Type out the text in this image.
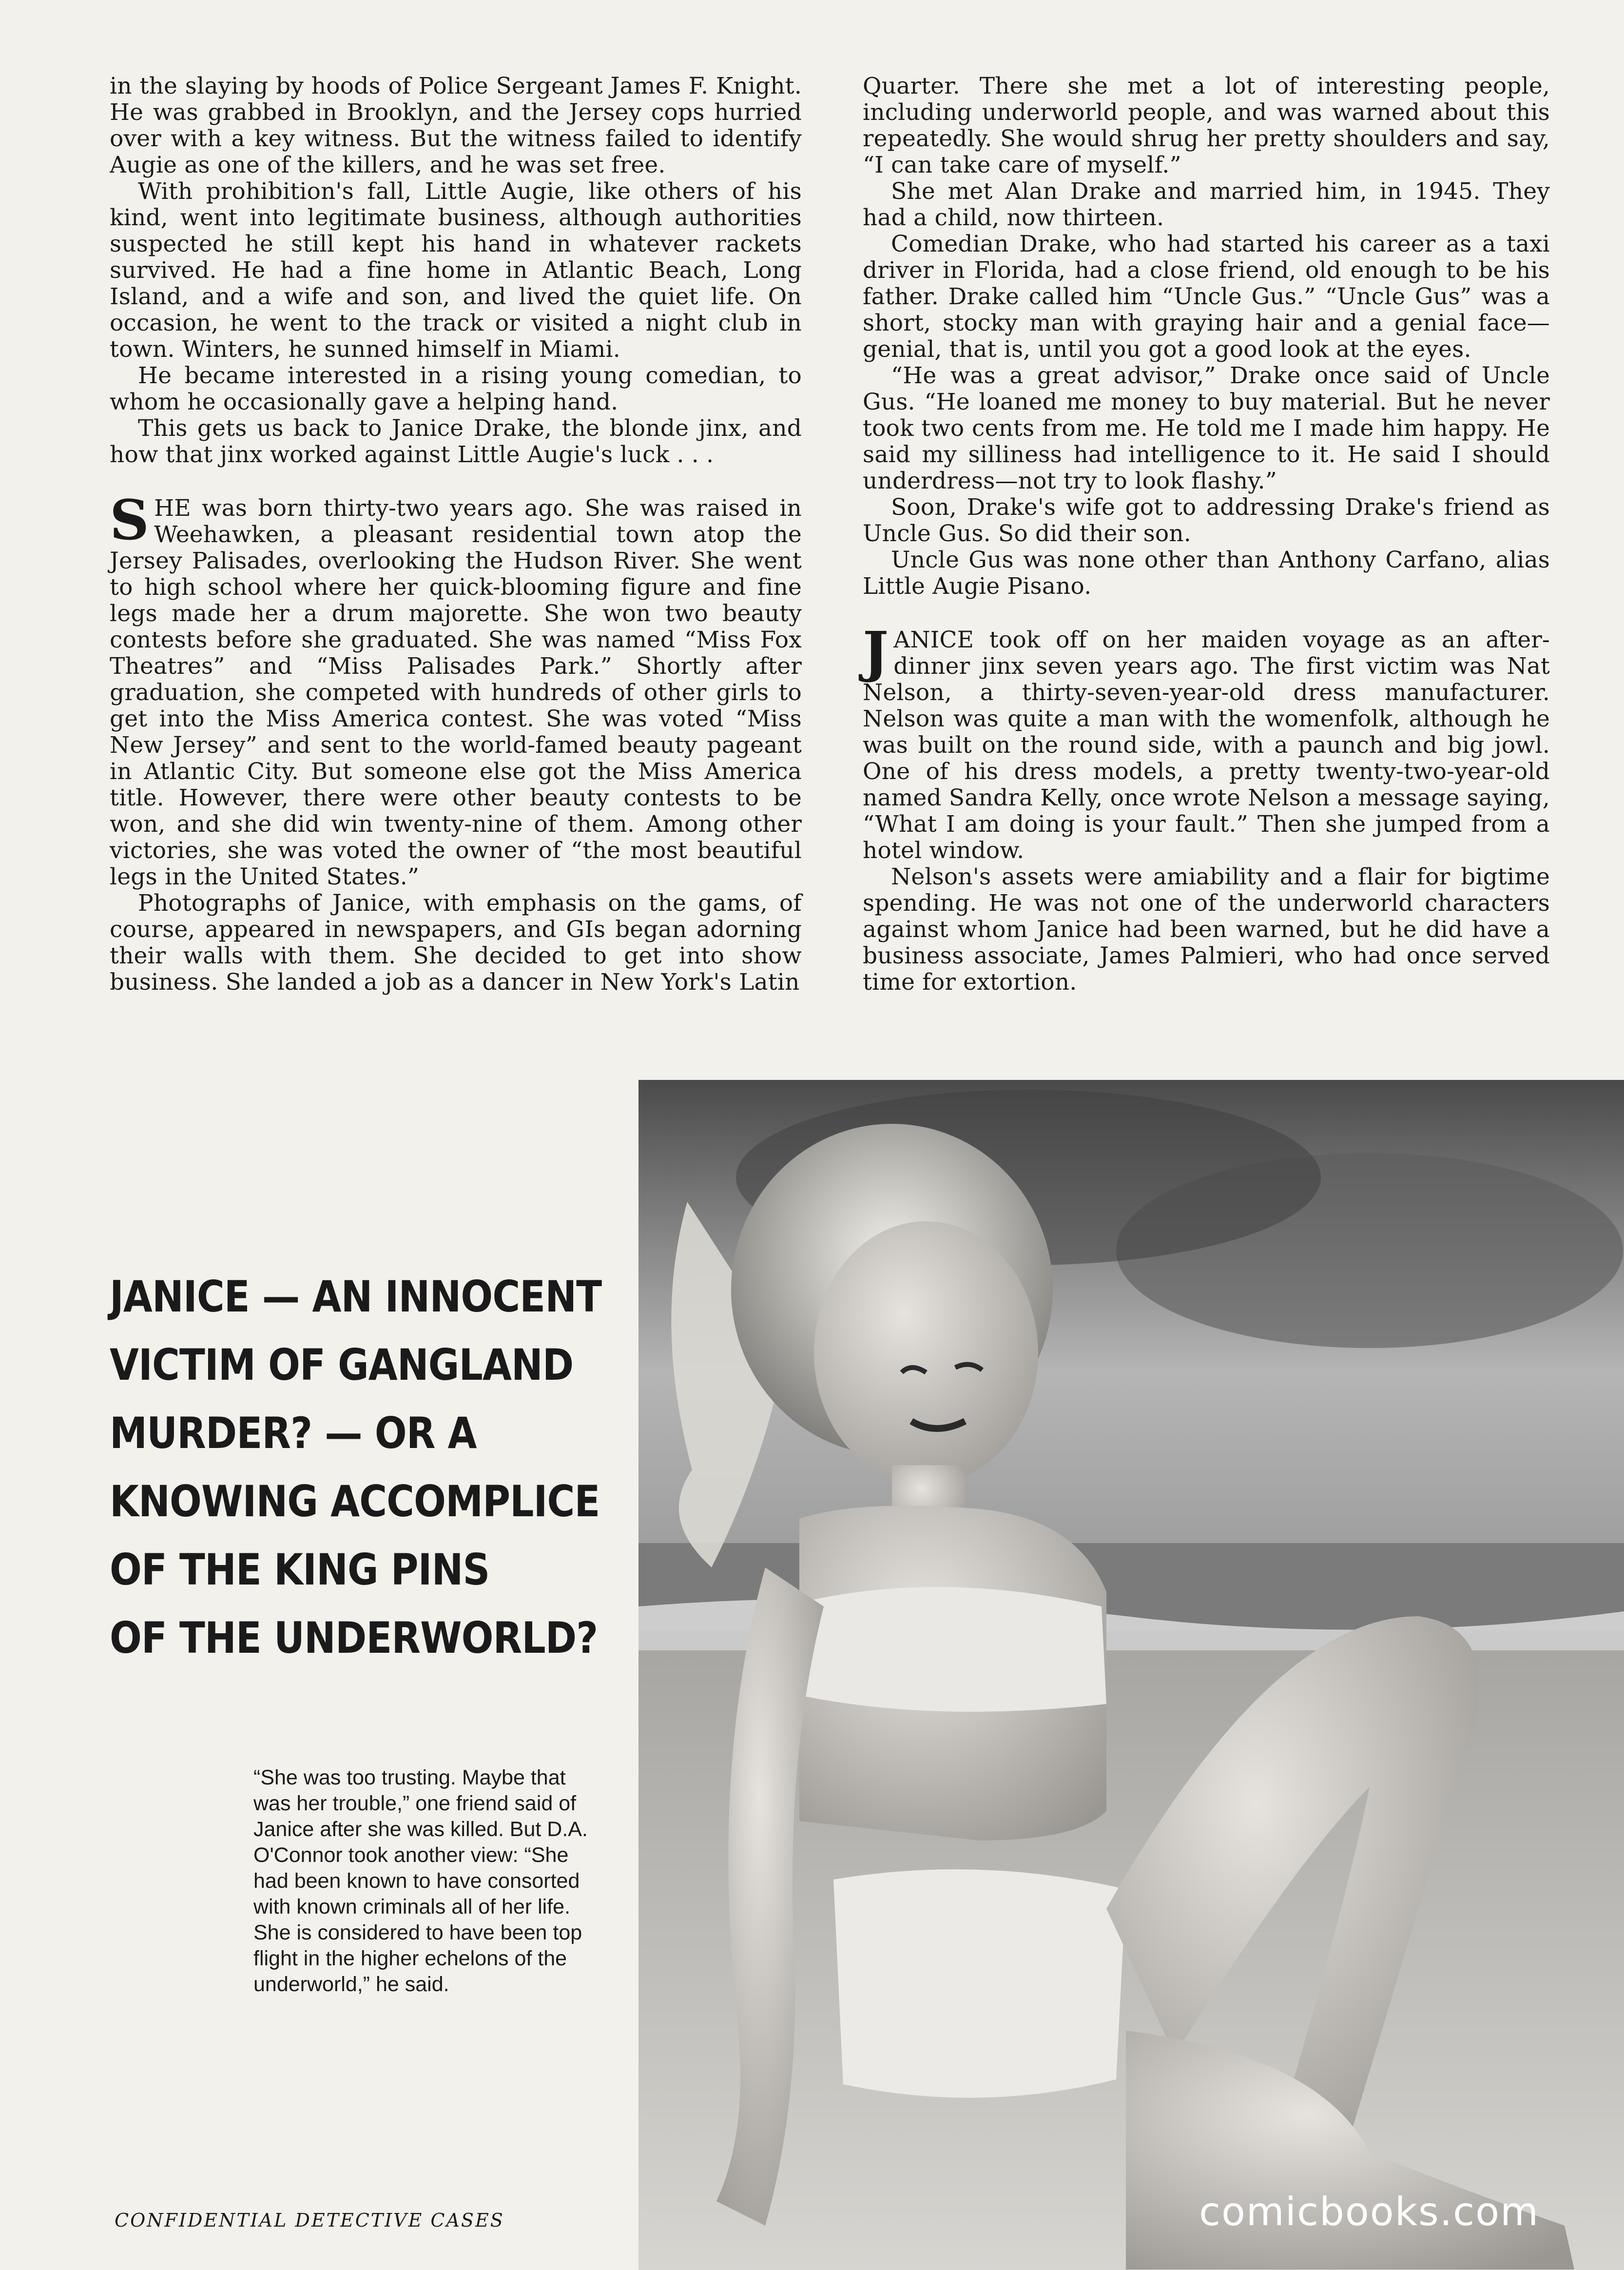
in the slaying by hoods of Police Sergeant James F. Knight. He was grabbed in Brooklyn, and the Jersey cops hurried over with a key witness. But the witness failed to identify Augie as one of the killers, and he was set free.

With prohibition's fall, Little Augie, like others of his kind, went into legitimate business, although authorities suspected he still kept his hand in whatever rackets survived. He had a fine home in Atlantic Beach, Long Island, and a wife and son, and lived the quiet life. On occasion, he went to the track or visited a night club in town. Winters, he sunned himself in Miami.

He became interested in a rising young comedian, to whom he occasionally gave a helping hand.

This gets us back to Janice Drake, the blonde jinx, and how that jinx worked against Little Augie's luck . . .

SHE was born thirty-two years ago. She was raised in Weehawken, a pleasant residential town atop the Jersey Palisades, overlooking the Hudson River. She went to high school where her quick-blooming figure and fine legs made her a drum majorette. She won two beauty contests before she graduated. She was named “Miss Fox Theatres” and “Miss Palisades Park.” Shortly after graduation, she competed with hundreds of other girls to get into the Miss America contest. She was voted “Miss New Jersey” and sent to the world-famed beauty pageant in Atlantic City. But someone else got the Miss America title. However, there were other beauty contests to be won, and she did win twenty-nine of them. Among other victories, she was voted the owner of “the most beautiful legs in the United States.”

Photographs of Janice, with emphasis on the gams, of course, appeared in newspapers, and GIs began adorning their walls with them. She decided to get into show business. She landed a job as a dancer in New York's Latin

Quarter. There she met a lot of interesting people, including underworld people, and was warned about this repeatedly. She would shrug her pretty shoulders and say, “I can take care of myself.”

She met Alan Drake and married him, in 1945. They had a child, now thirteen.

Comedian Drake, who had started his career as a taxi driver in Florida, had a close friend, old enough to be his father. Drake called him “Uncle Gus.” “Uncle Gus” was a short, stocky man with graying hair and a genial face—genial, that is, until you got a good look at the eyes.

“He was a great advisor,” Drake once said of Uncle Gus. “He loaned me money to buy material. But he never took two cents from me. He told me I made him happy. He said my silliness had intelligence to it. He said I should underdress—not try to look flashy.”

Soon, Drake's wife got to addressing Drake's friend as Uncle Gus. So did their son.

Uncle Gus was none other than Anthony Carfano, alias Little Augie Pisano.

JANICE took off on her maiden voyage as an after-dinner jinx seven years ago. The first victim was Nat Nelson, a thirty-seven-year-old dress manufacturer. Nelson was quite a man with the womenfolk, although he was built on the round side, with a paunch and big jowl. One of his dress models, a pretty twenty-two-year-old named Sandra Kelly, once wrote Nelson a message saying, “What I am doing is your fault.” Then she jumped from a hotel window.

Nelson's assets were amiability and a flair for bigtime spending. He was not one of the underworld characters against whom Janice had been warned, but he did have a business associate, James Palmieri, who had once served time for extortion.

JANICE — AN INNOCENT
VICTIM OF GANGLAND
MURDER? — OR A
KNOWING ACCOMPLICE
OF THE KING PINS
OF THE UNDERWORLD?
“She was too trusting. Maybe that was her trouble,” one friend said of Janice after she was killed. But D.A. O'Connor took another view: “She had been known to have consorted with known criminals all of her life. She is considered to have been top flight in the higher echelons of the underworld,” he said.
CONFIDENTIAL DETECTIVE CASES	comicbooks.com
